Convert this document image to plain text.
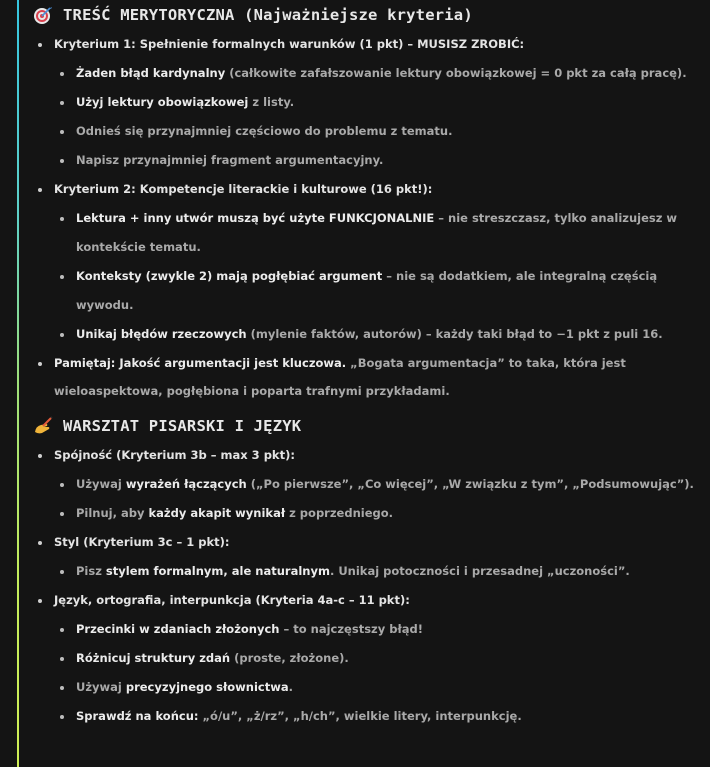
TREŚĆ MERYTORYCZNA (Najważniejsze kryteria)
Kryterium 1: Spełnienie formalnych warunków (1 pkt) – MUSISZ ZROBIĆ:
Żaden błąd kardynalny (całkowite zafałszowanie lektury obowiązkowej = 0 pkt za całą pracę).
Użyj lektury obowiązkowej z listy.
Odnieś się przynajmniej częściowo do problemu z tematu.
Napisz przynajmniej fragment argumentacyjny.
Kryterium 2: Kompetencje literackie i kulturowe (16 pkt!):
Lektura + inny utwór muszą być użyte FUNKCJONALNIE – nie streszczasz, tylko analizujesz w kontekście tematu.
Konteksty (zwykle 2) mają pogłębiać argument – nie są dodatkiem, ale integralną częścią wywodu.
Unikaj błędów rzeczowych (mylenie faktów, autorów) – każdy taki błąd to −1 pkt z puli 16.
Pamiętaj: Jakość argumentacji jest kluczowa. „Bogata argumentacja” to taka, która jest wieloaspektowa, pogłębiona i poparta trafnymi przykładami.
WARSZTAT PISARSKI I JĘZYK
Spójność (Kryterium 3b – max 3 pkt):
Używaj wyrażeń łączących („Po pierwsze”, „Co więcej”, „W związku z tym”, „Podsumowując”).
Pilnuj, aby każdy akapit wynikał z poprzedniego.
Styl (Kryterium 3c – 1 pkt):
Pisz stylem formalnym, ale naturalnym. Unikaj potoczności i przesadnej „uczoności”.
Język, ortografia, interpunkcja (Kryteria 4a-c – 11 pkt):
Przecinki w zdaniach złożonych – to najczęstszy błąd!
Różnicuj struktury zdań (proste, złożone).
Używaj precyzyjnego słownictwa.
Sprawdź na końcu: „ó/u”, „ż/rz”, „h/ch”, wielkie litery, interpunkcję.
